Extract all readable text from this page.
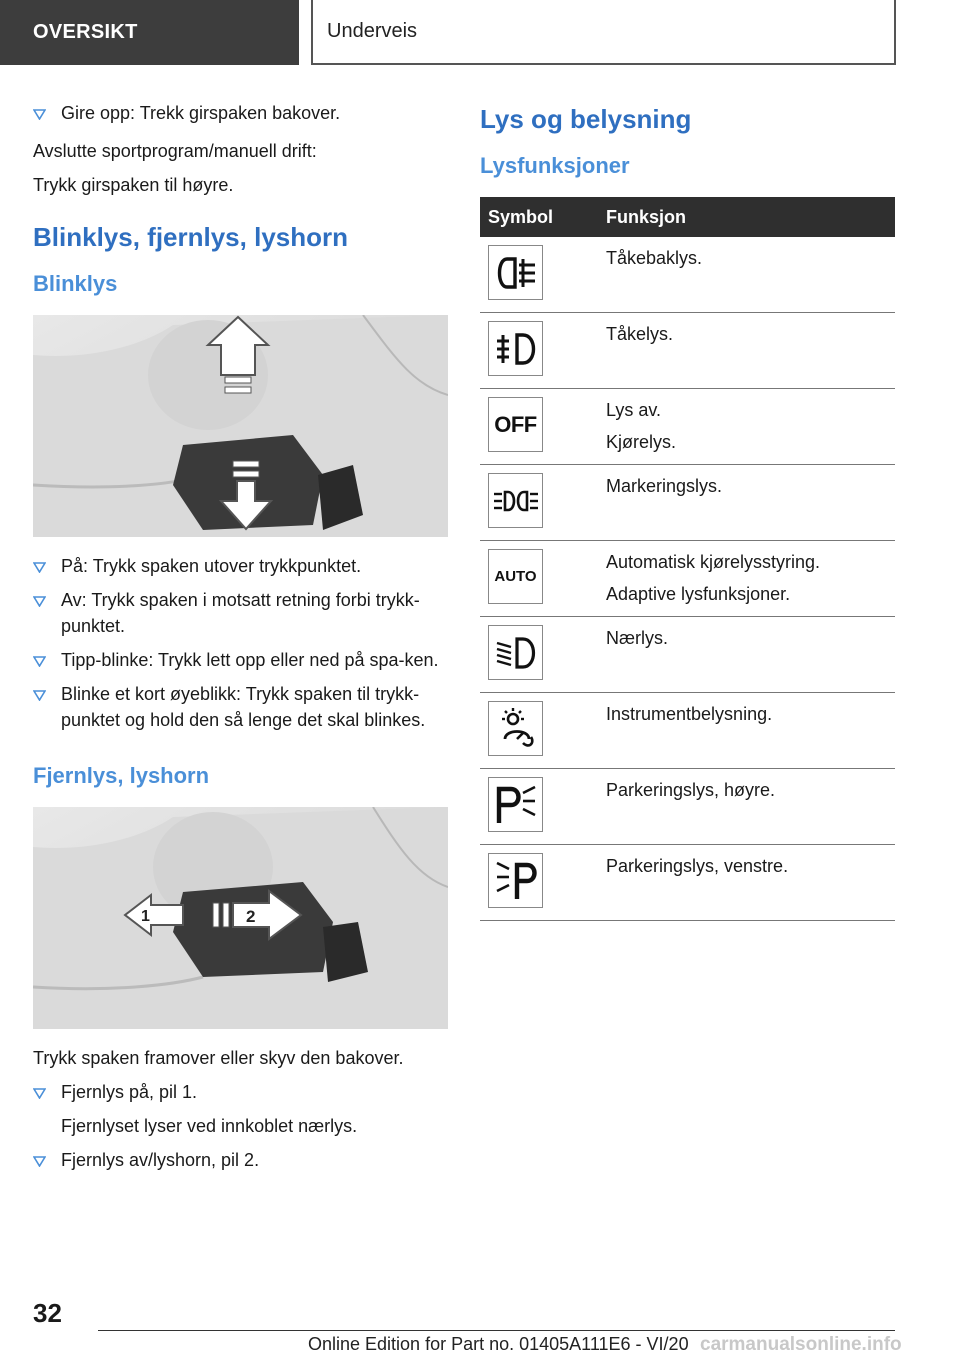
OVERSIKT	Underveis
Gire opp: Trekk girspaken bakover.

Avslutte sportprogram/manuell drift:

Trykk girspaken til høyre.

Blinklys, fjernlys, lyshorn
Blinklys
På: Trykk spaken utover trykkpunktet.
Av: Trykk spaken i motsatt retning forbi trykk-punktet.
Tipp-blinke: Trykk lett opp eller ned på spa-ken.
Blinke et kort øyeblikk: Trykk spaken til trykk-punktet og hold den så lenge det skal blinkes.
Fjernlys, lyshorn
1	2

Trykk spaken framover eller skyv den bakover.

Fjernlys på, pil 1.

Fjernlyset lyser ved innkoblet nærlys.

Fjernlys av/lyshorn, pil 2.
Lys og belysning
Lysfunksjoner
Symbol	Funksjon

Tåkebaklys.

Tåkelys.

OFF	Lys av.
Kjørelys.

Markeringslys.

AUTO	Automatisk kjørelysstyring.
Adaptive lysfunksjoner.

Nærlys.

Instrumentbelysning.

Parkeringslys, høyre.

Parkeringslys, venstre.
32
Online Edition for Part no. 01405A111E6 - VI/20 carmanualsonline.info
